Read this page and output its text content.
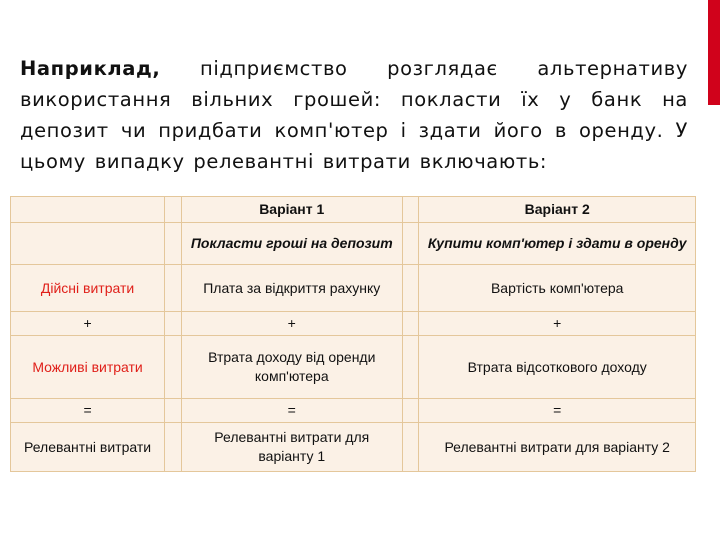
Наприклад, підприємство розглядає альтернативу використання вільних грошей: покласти їх у банк на депозит чи придбати комп'ютер і здати його в оренду. У цьому випадку релевантні витрати включають:

		Варіант 1		Варіант 2
		Покласти гроші на депозит		Купити комп'ютер і здати в оренду
Дійсні витрати		Плата за відкриття рахунку		Вартість комп'ютера
+		+		+
Можливі витрати		Втрата доходу від оренди комп'ютера		Втрата відсоткового доходу
=		=		=
Релевантні витрати		Релевантні витрати для варіанту 1		Релевантні витрати для варіанту 2
